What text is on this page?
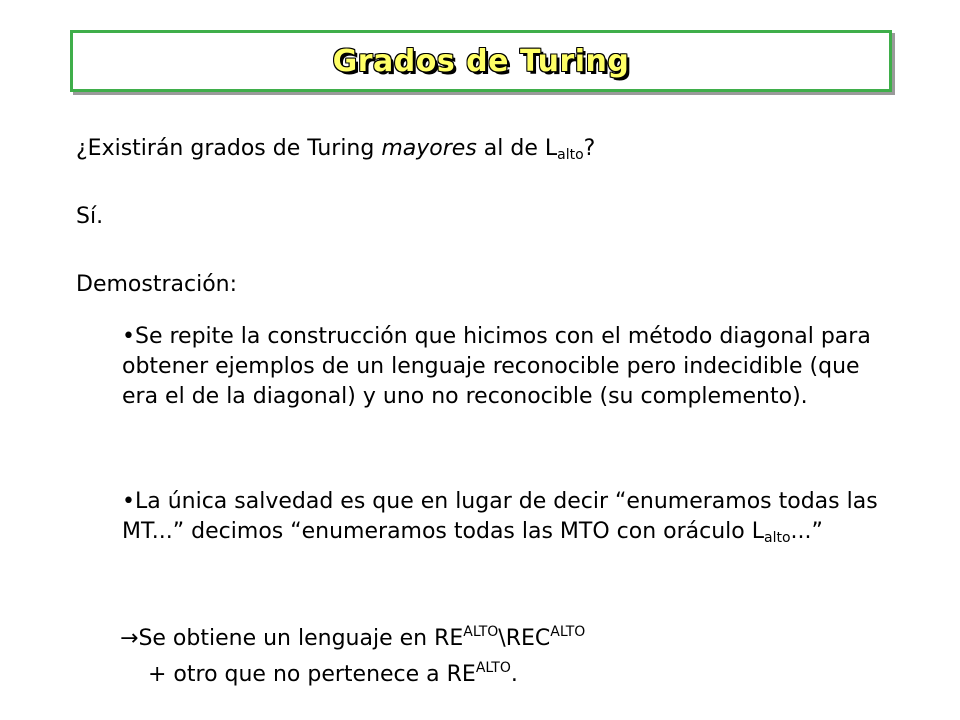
Grados de Turing
¿Existirán grados de Turing mayores al de $L_{alto}$?
Sí.
Demostración:
•Se repite la construcción que hicimos con el método diagonal para obtener ejemplos de un lenguaje reconocible pero indecidible (que era el de la diagonal) y uno no reconocible (su complemento).
•La única salvedad es que en lugar de decir “enumeramos todas las MT...” decimos “enumeramos todas las MTO con oráculo $L_{alto}$...”
→Se obtiene un lenguaje en $RE^{ALTO}\backslash REC^{ALTO}$
+ otro que no pertenece a $RE^{ALTO}$.
